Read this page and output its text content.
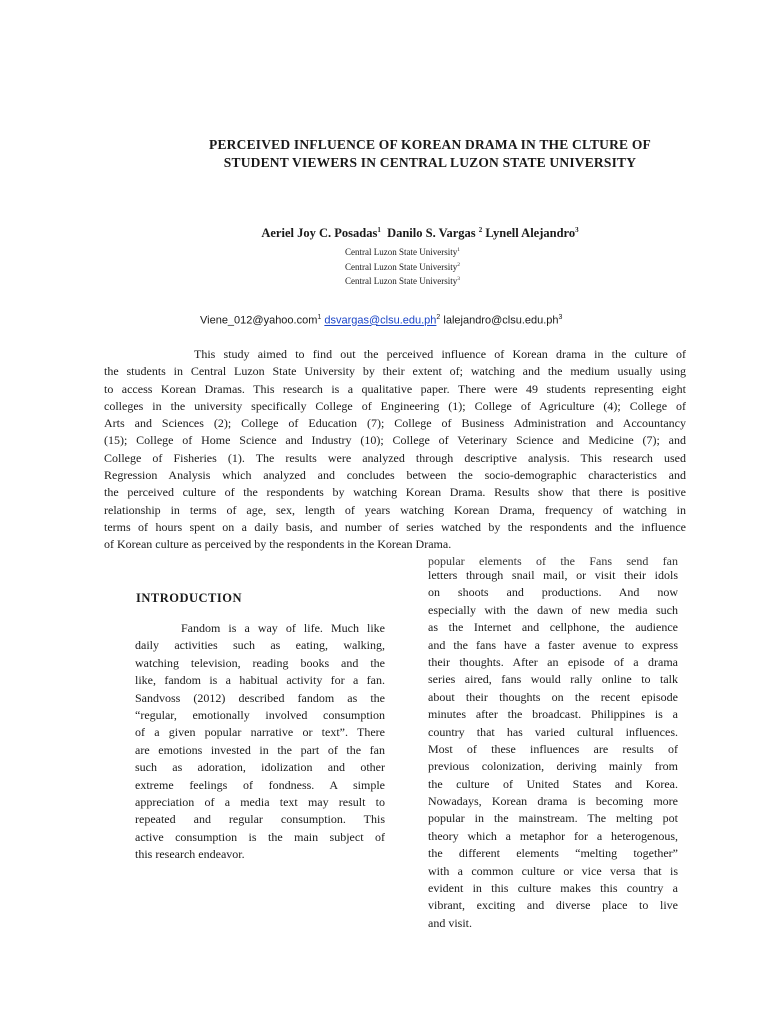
PERCEIVED INFLUENCE OF KOREAN DRAMA IN THE CLTURE OF
STUDENT VIEWERS IN CENTRAL LUZON STATE UNIVERSITY
Aeriel Joy C. Posadas$^1$ Danilo S. Vargas $^2$ Lynell Alejandro$^3$
Central Luzon State University$^1$
Central Luzon State University$^2$
Central Luzon State University$^3$
Viene_012@yahoo.com$^1$ $dsvargas@clsu.edu.ph^2$ $lalejandro@clsu.edu.ph^3$
This study aimed to find out the perceived influence of Korean drama in the culture of
the students in Central Luzon State University by their extent of; watching and the medium usually using
to access Korean Dramas. This research is a qualitative paper. There were 49 students representing eight
colleges in the university specifically College of Engineering (1); College of Agriculture (4); College of
Arts and Sciences (2); College of Education (7); College of Business Administration and Accountancy
(15); College of Home Science and Industry (10); College of Veterinary Science and Medicine (7); and
College of Fisheries (1). The results were analyzed through descriptive analysis. This research used
Regression Analysis which analyzed and concludes between the socio-demographic characteristics and
the perceived culture of the respondents by watching Korean Drama. Results show that there is positive
relationship in terms of age, sex, length of years watching Korean Drama, frequency of watching in
terms of hours spent on a daily basis, and number of series watched by the respondents and the influence
of Korean culture as perceived by the respondents in the Korean Drama.
INTRODUCTION
Fandom is a way of life. Much like
daily activities such as eating, walking,
watching television, reading books and the
like, fandom is a habitual activity for a fan.
Sandvoss (2012) described fandom as the
“regular, emotionally involved consumption
of a given popular narrative or text”. There
are emotions invested in the part of the fan
such as adoration, idolization and other
extreme feelings of fondness. A simple
appreciation of a media text may result to
repeated and regular consumption. This
active consumption is the main subject of
this research endeavor.
popular elements of the Fans send fan
letters through snail mail, or visit their idols
on shoots and productions. And now
especially with the dawn of new media such
as the Internet and cellphone, the audience
and the fans have a faster avenue to express
their thoughts. After an episode of a drama
series aired, fans would rally online to talk
about their thoughts on the recent episode
minutes after the broadcast. Philippines is a
country that has varied cultural influences.
Most of these influences are results of
previous colonization, deriving mainly from
the culture of United States and Korea.
Nowadays, Korean drama is becoming more
popular in the mainstream. The melting pot
theory which a metaphor for a heterogenous,
the different elements “melting together”
with a common culture or vice versa that is
evident in this culture makes this country a
vibrant, exciting and diverse place to live
and visit.
